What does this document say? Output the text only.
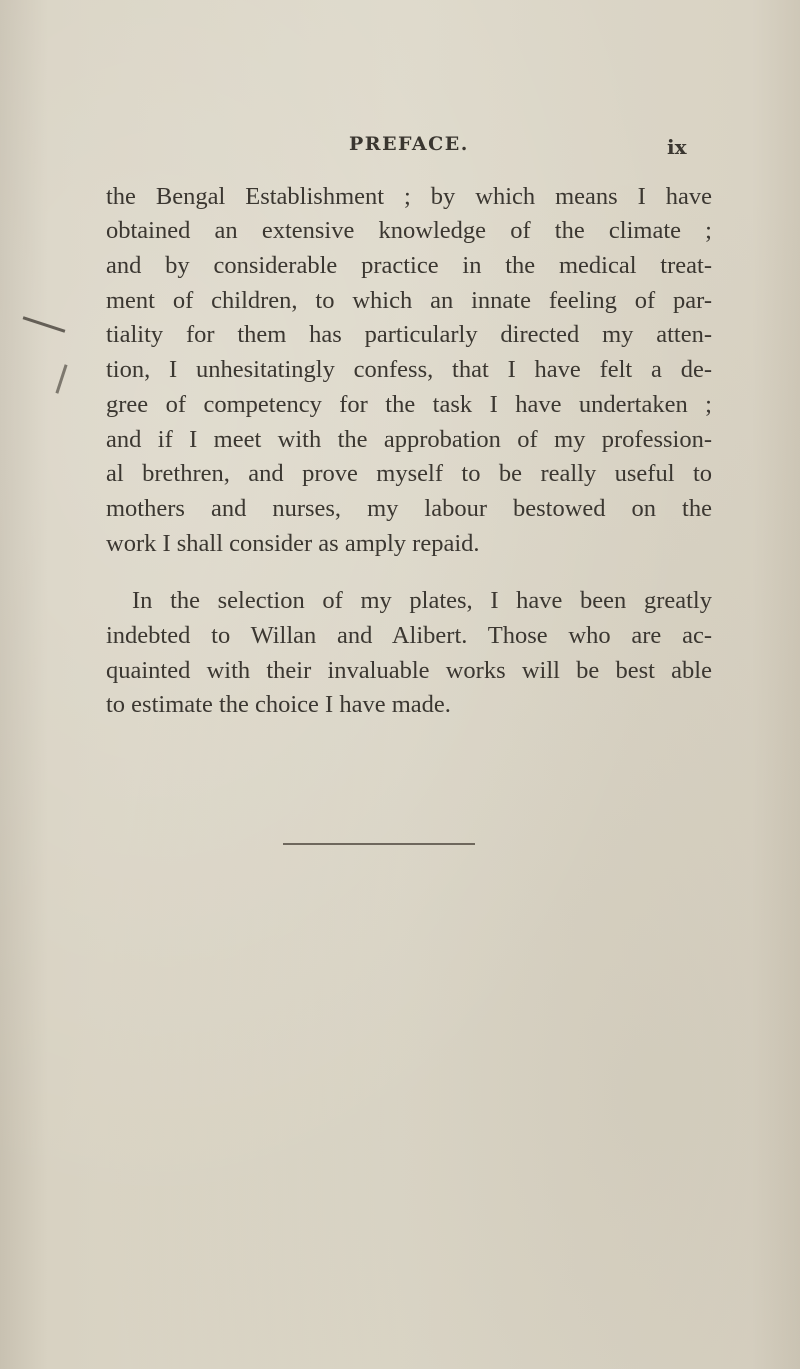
PREFACE.	ix
the Bengal Establishment ; by which means I have
obtained an extensive knowledge of the climate ;
and by considerable practice in the medical treat-
ment of children, to which an innate feeling of par-
tiality for them has particularly directed my atten-
tion, I unhesitatingly confess, that I have felt a de-
gree of competency for the task I have undertaken ;
and if I meet with the approbation of my profession-
al brethren, and prove myself to be really useful to
mothers and nurses, my labour bestowed on the
work I shall consider as amply repaid.
In the selection of my plates, I have been greatly
indebted to Willan and Alibert. Those who are ac-
quainted with their invaluable works will be best able
to estimate the choice I have made.
